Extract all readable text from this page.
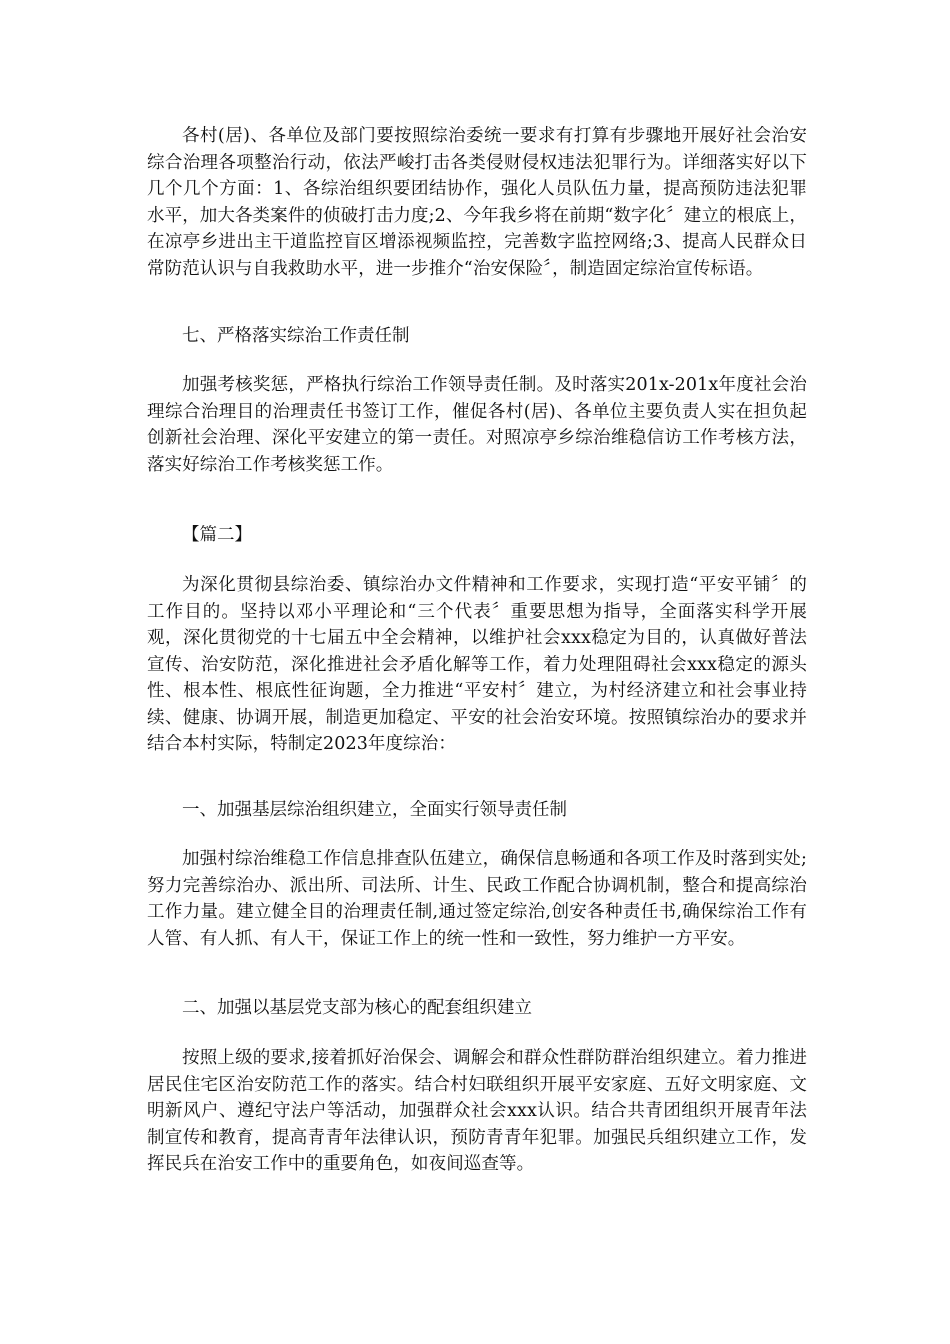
各村(居)、各单位及部门要按照综治委统一要求有打算有步骤地开展好社会治安综合治理各项整治行动，依法严峻打击各类侵财侵权违法犯罪行为。详细落实好以下几个几个方面：1、各综治组织要团结协作，强化人员队伍力量，提高预防违法犯罪水平，加大各类案件的侦破打击力度;2、今年我乡将在前期“数字化〞建立的根底上，在凉亭乡进出主干道监控盲区增添视频监控，完善数字监控网络;3、提高人民群众日常防范认识与自我救助水平，进一步推介“治安保险〞，制造固定综治宣传标语。

七、严格落实综治工作责任制

加强考核奖惩，严格执行综治工作领导责任制。及时落实201x-201x年度社会治理综合治理目的治理责任书签订工作，催促各村(居)、各单位主要负责人实在担负起创新社会治理、深化平安建立的第一责任。对照凉亭乡综治维稳信访工作考核方法，落实好综治工作考核奖惩工作。

【篇二】

为深化贯彻县综治委、镇综治办文件精神和工作要求，实现打造“平安平铺〞的工作目的。坚持以邓小平理论和“三个代表〞重要思想为指导，全面落实科学开展观，深化贯彻党的十七届五中全会精神，以维护社会xxx稳定为目的，认真做好普法宣传、治安防范，深化推进社会矛盾化解等工作，着力处理阻碍社会xxx稳定的源头性、根本性、根底性征询题，全力推进“平安村〞建立，为村经济建立和社会事业持续、健康、协调开展，制造更加稳定、平安的社会治安环境。按照镇综治办的要求并结合本村实际，特制定2023年度综治：

一、加强基层综治组织建立，全面实行领导责任制

加强村综治维稳工作信息排查队伍建立，确保信息畅通和各项工作及时落到实处;努力完善综治办、派出所、司法所、计生、民政工作配合协调机制，整合和提高综治工作力量。建立健全目的治理责任制,通过签定综治,创安各种责任书,确保综治工作有人管、有人抓、有人干，保证工作上的统一性和一致性，努力维护一方平安。

二、加强以基层党支部为核心的配套组织建立

按照上级的要求,接着抓好治保会、调解会和群众性群防群治组织建立。着力推进居民住宅区治安防范工作的落实。结合村妇联组织开展平安家庭、五好文明家庭、文明新风户、遵纪守法户等活动，加强群众社会xxx认识。结合共青团组织开展青年法制宣传和教育，提高青青年法律认识，预防青青年犯罪。加强民兵组织建立工作，发挥民兵在治安工作中的重要角色，如夜间巡查等。
